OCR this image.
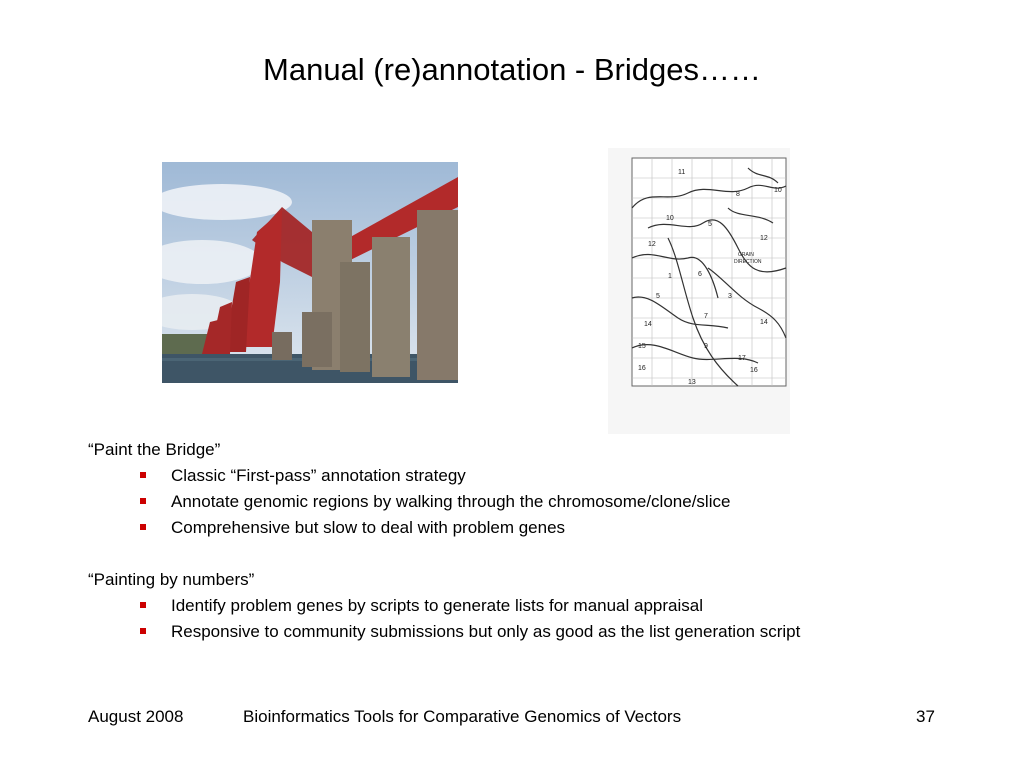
Manual (re)annotation - Bridges……
11
8
10
10
5
12
12
GRAIN
DIRECTION
1	6
5	3
14
7
14
15	9
17
16	16
13

“Paint the Bridge”

Classic “First-pass” annotation strategy

Annotate genomic regions by walking through the chromosome/clone/slice

Comprehensive but slow to deal with problem genes

“Painting by numbers”

Identify problem genes by scripts to generate lists for manual appraisal

Responsive to community submissions but only as good as the list generation script

August 2008	Bioinformatics Tools for Comparative Genomics of Vectors	37
